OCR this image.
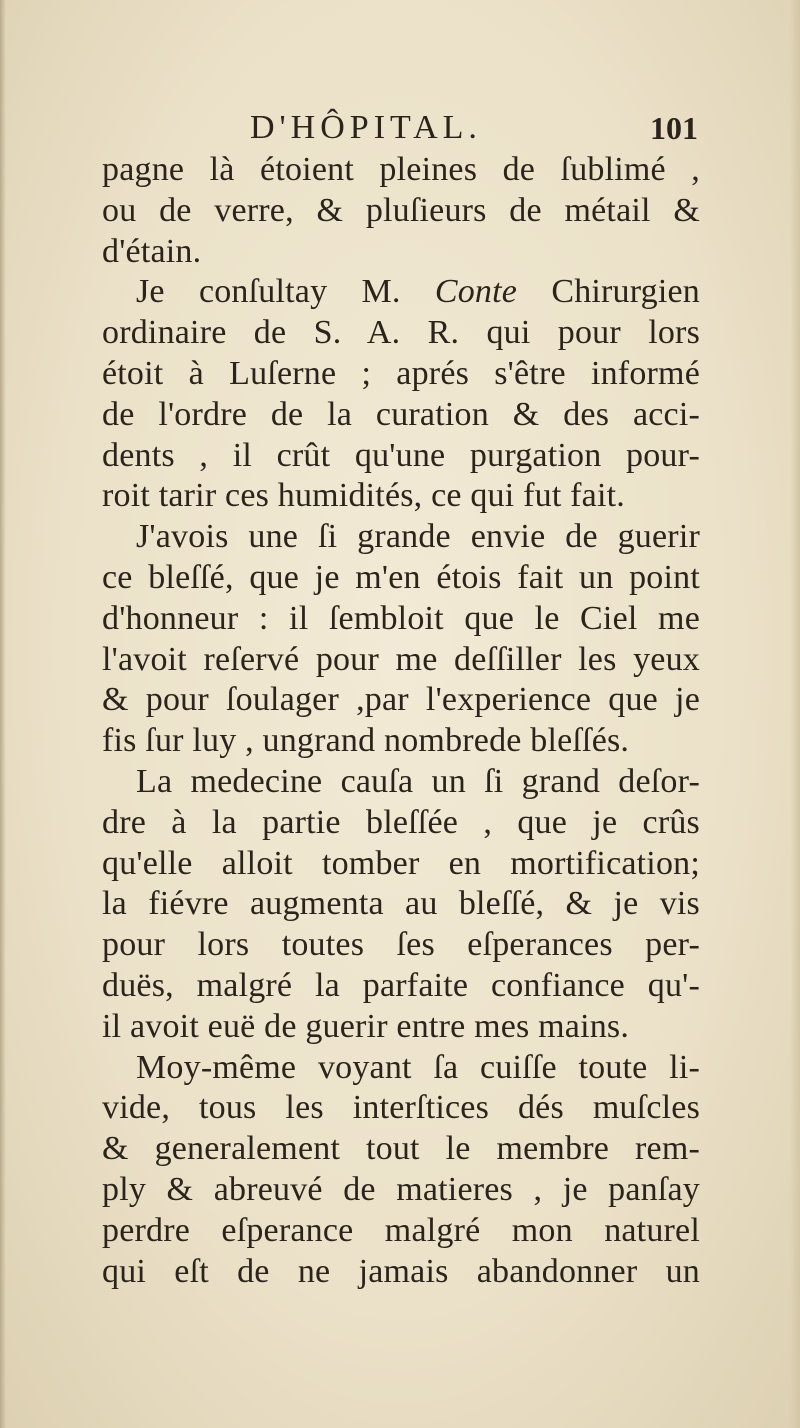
D'HÔPITAL.	101
pagne là étoient pleines de ſublimé ,
ou de verre, & pluſieurs de métail &
d'étain.
Je conſultay M. Conte Chirurgien
ordinaire de S. A. R. qui pour lors
étoit à Luſerne ; aprés s'être informé
de l'ordre de la curation & des acci-
dents , il crût qu'une purgation pour-
roit tarir ces humidités, ce qui fut fait.
J'avois une ſi grande envie de guerir
ce bleſſé, que je m'en étois fait un point
d'honneur : il ſembloit que le Ciel me
l'avoit reſervé pour me deſſiller les yeux
& pour ſoulager ,par l'experience que je
fis ſur luy , ungrand nombrede bleſſés.
La medecine cauſa un ſi grand deſor-
dre à la partie bleſſée , que je crûs
qu'elle alloit tomber en mortification;
la fiévre augmenta au bleſſé, & je vis
pour lors toutes ſes eſperances per-
duës, malgré la parfaite confiance qu'-
il avoit euë de guerir entre mes mains.
Moy-même voyant ſa cuiſſe toute li-
vide, tous les interſtices dés muſcles
& generalement tout le membre rem-
ply & abreuvé de matieres , je panſay
perdre eſperance malgré mon naturel
qui eſt de ne jamais abandonner un
